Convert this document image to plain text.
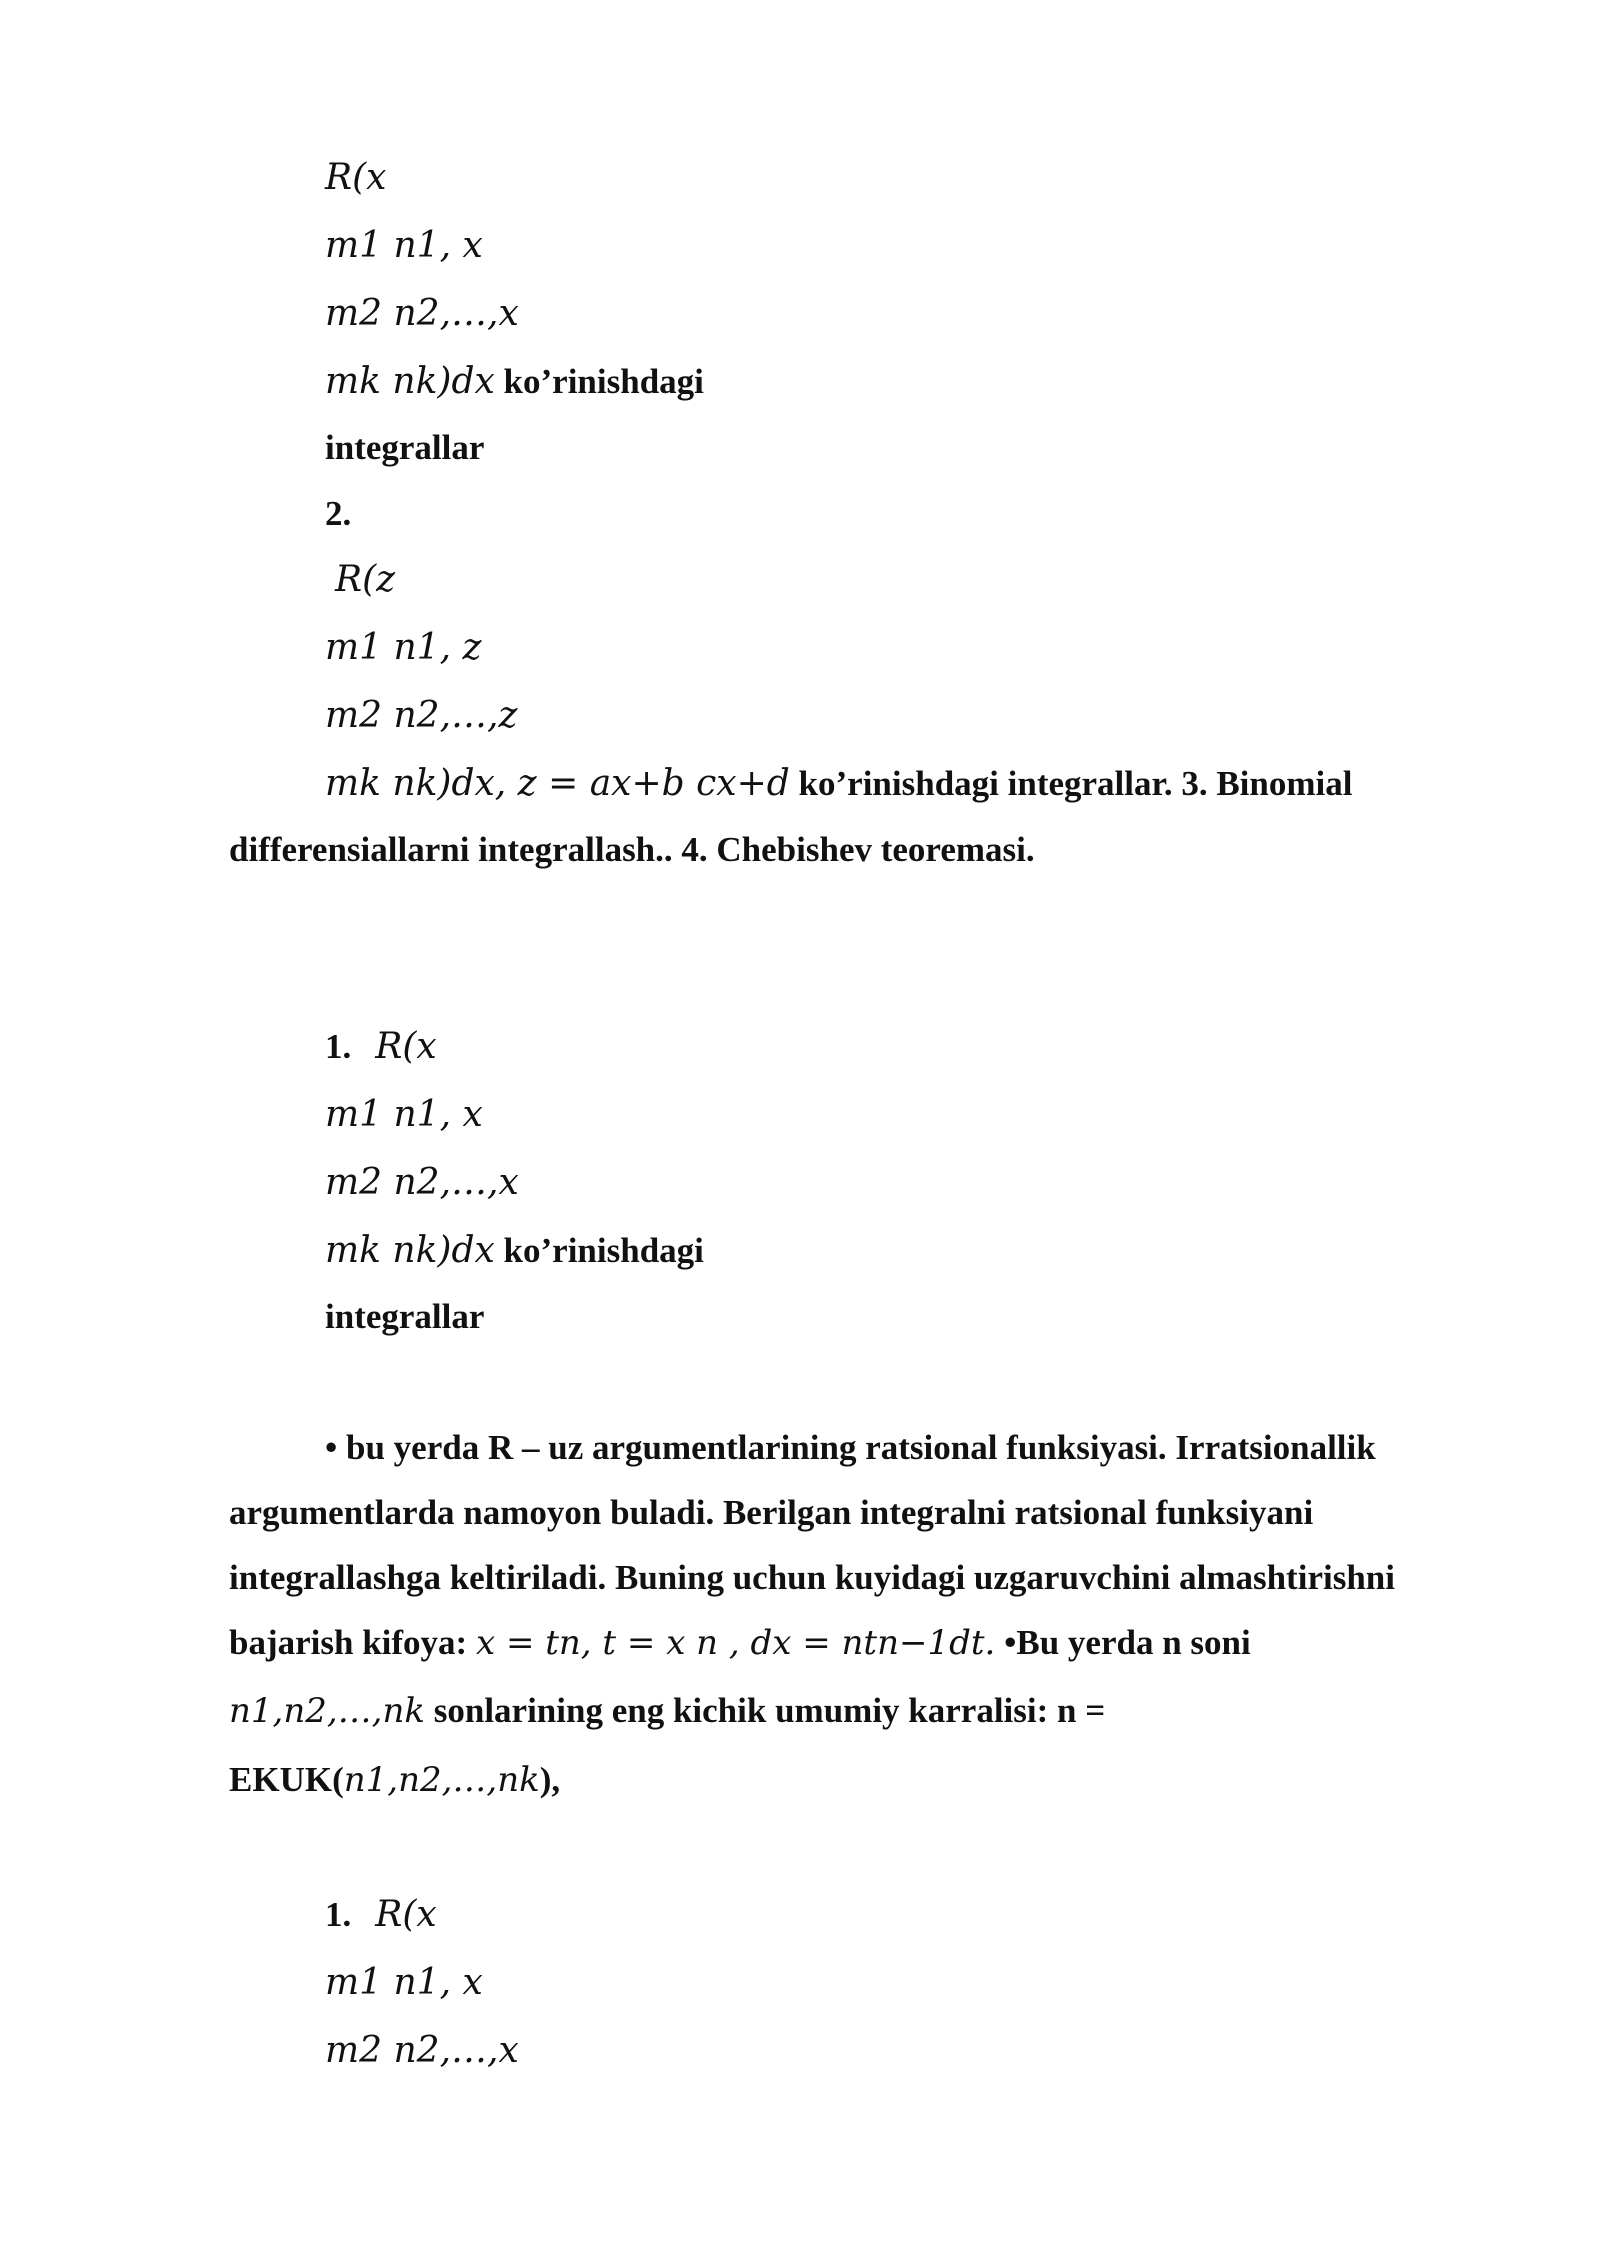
R(x
m1 n1, x
m2 n2,…,x
mk nk)dx ko’rinishdagi
integrallar
2.
R(z
m1 n1, z
m2 n2,…,z
mk nk)dx, z = ax+b cx+d ko’rinishdagi integrallar. 3. Binomial
differensiallarni integrallash.. 4. Chebishev teoremasi.
1. R(x
m1 n1, x
m2 n2,…,x
mk nk)dx ko’rinishdagi
integrallar
• bu yerda R – uz argumentlarining ratsional funksiyasi. Irratsionallik
argumentlarda namoyon buladi. Berilgan integralni ratsional funksiyani
integrallashga keltiriladi. Buning uchun kuyidagi uzgaruvchini almashtirishni
bajarish kifoya: x = tn, t = x n , dx = ntn−1dt. •Bu yerda n soni
n1,n2,…,nk sonlarining eng kichik umumiy karralisi: n =
EKUK(n1,n2,…,nk),
1. R(x
m1 n1, x
m2 n2,…,x
